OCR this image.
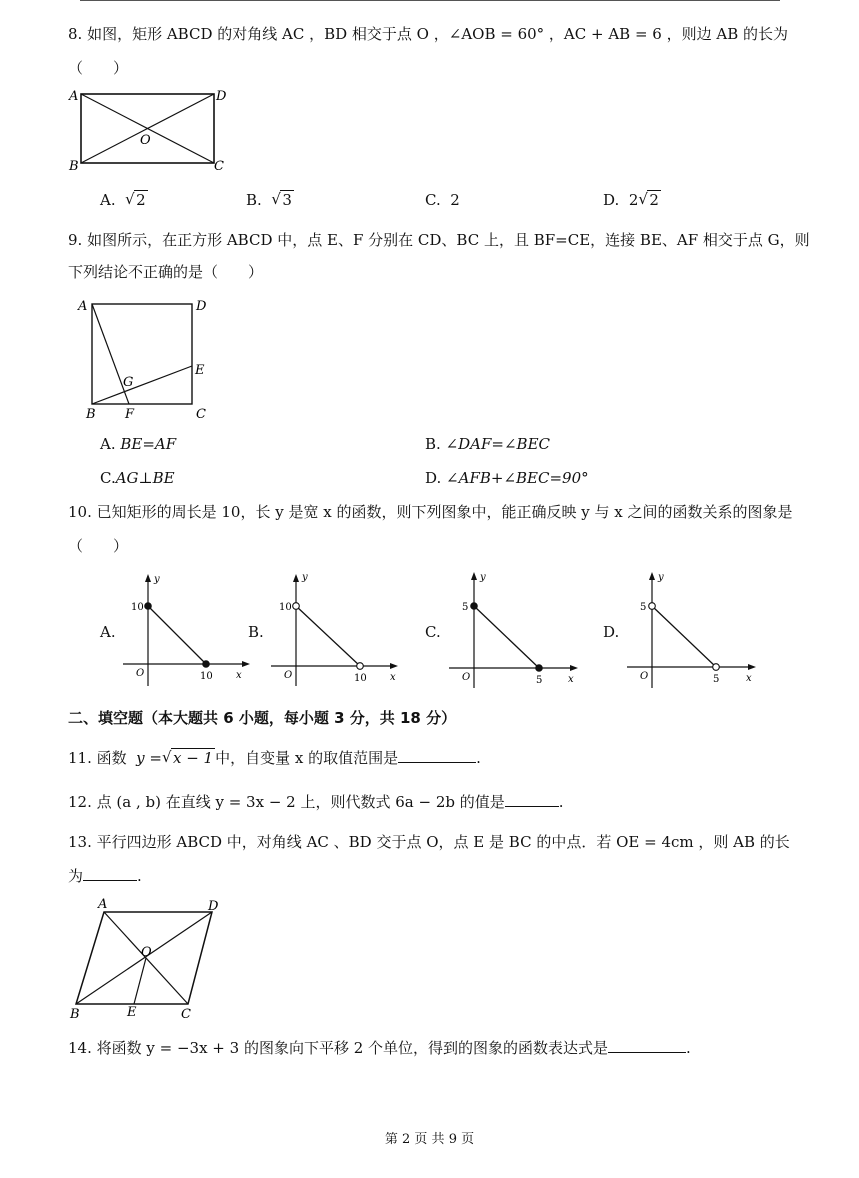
8. 如图，矩形 ABCD 的对角线 AC ，BD 相交于点 O ，∠AOB = 60° ，AC + AB = 6 ，则边 AB 的长为
（　　）
A	D
B	C
O
A. √ 2	B. √ 3	C. 2	D. 2 √ 2
9. 如图所示，在正方形 ABCD 中，点 E、F 分别在 CD、BC 上，且 BF=CE，连接 BE、AF 相交于点 G，则
下列结论不正确的是（　　）
A	D
E
G
B F	C
A. BE=AF	B. ∠DAF=∠BEC
C.AG⊥BE	D. ∠AFB+∠BEC=90°
10. 已知矩形的周长是 10，长 y 是宽 x 的函数，则下列图象中，能正确反映 y 与 x 之间的函数关系的图象是
（　　）
A.
y
x
O
10
10
B.
y
x
O
10
10
C.
y
x
O
5
5
D.
y
x
O
5
5
二、填空题（本大题共 6 小题，每小题 3 分，共 18 分）
11. 函数 y = √ x − 1 中，自变量 x 的取值范围是	.
12. 点 (a , b) 在直线 y = 3x − 2 上，则代数式 6a − 2b 的值是	.
13. 平行四边形 ABCD 中，对角线 AC 、BD 交于点 O，点 E 是 BC 的中点．若 OE = 4cm ，则 AB 的长
为	.
A	D
O
B	E	C
14. 将函数 y = −3x + 3 的图象向下平移 2 个单位，得到的图象的函数表达式是	.
第 2 页 共 9 页
